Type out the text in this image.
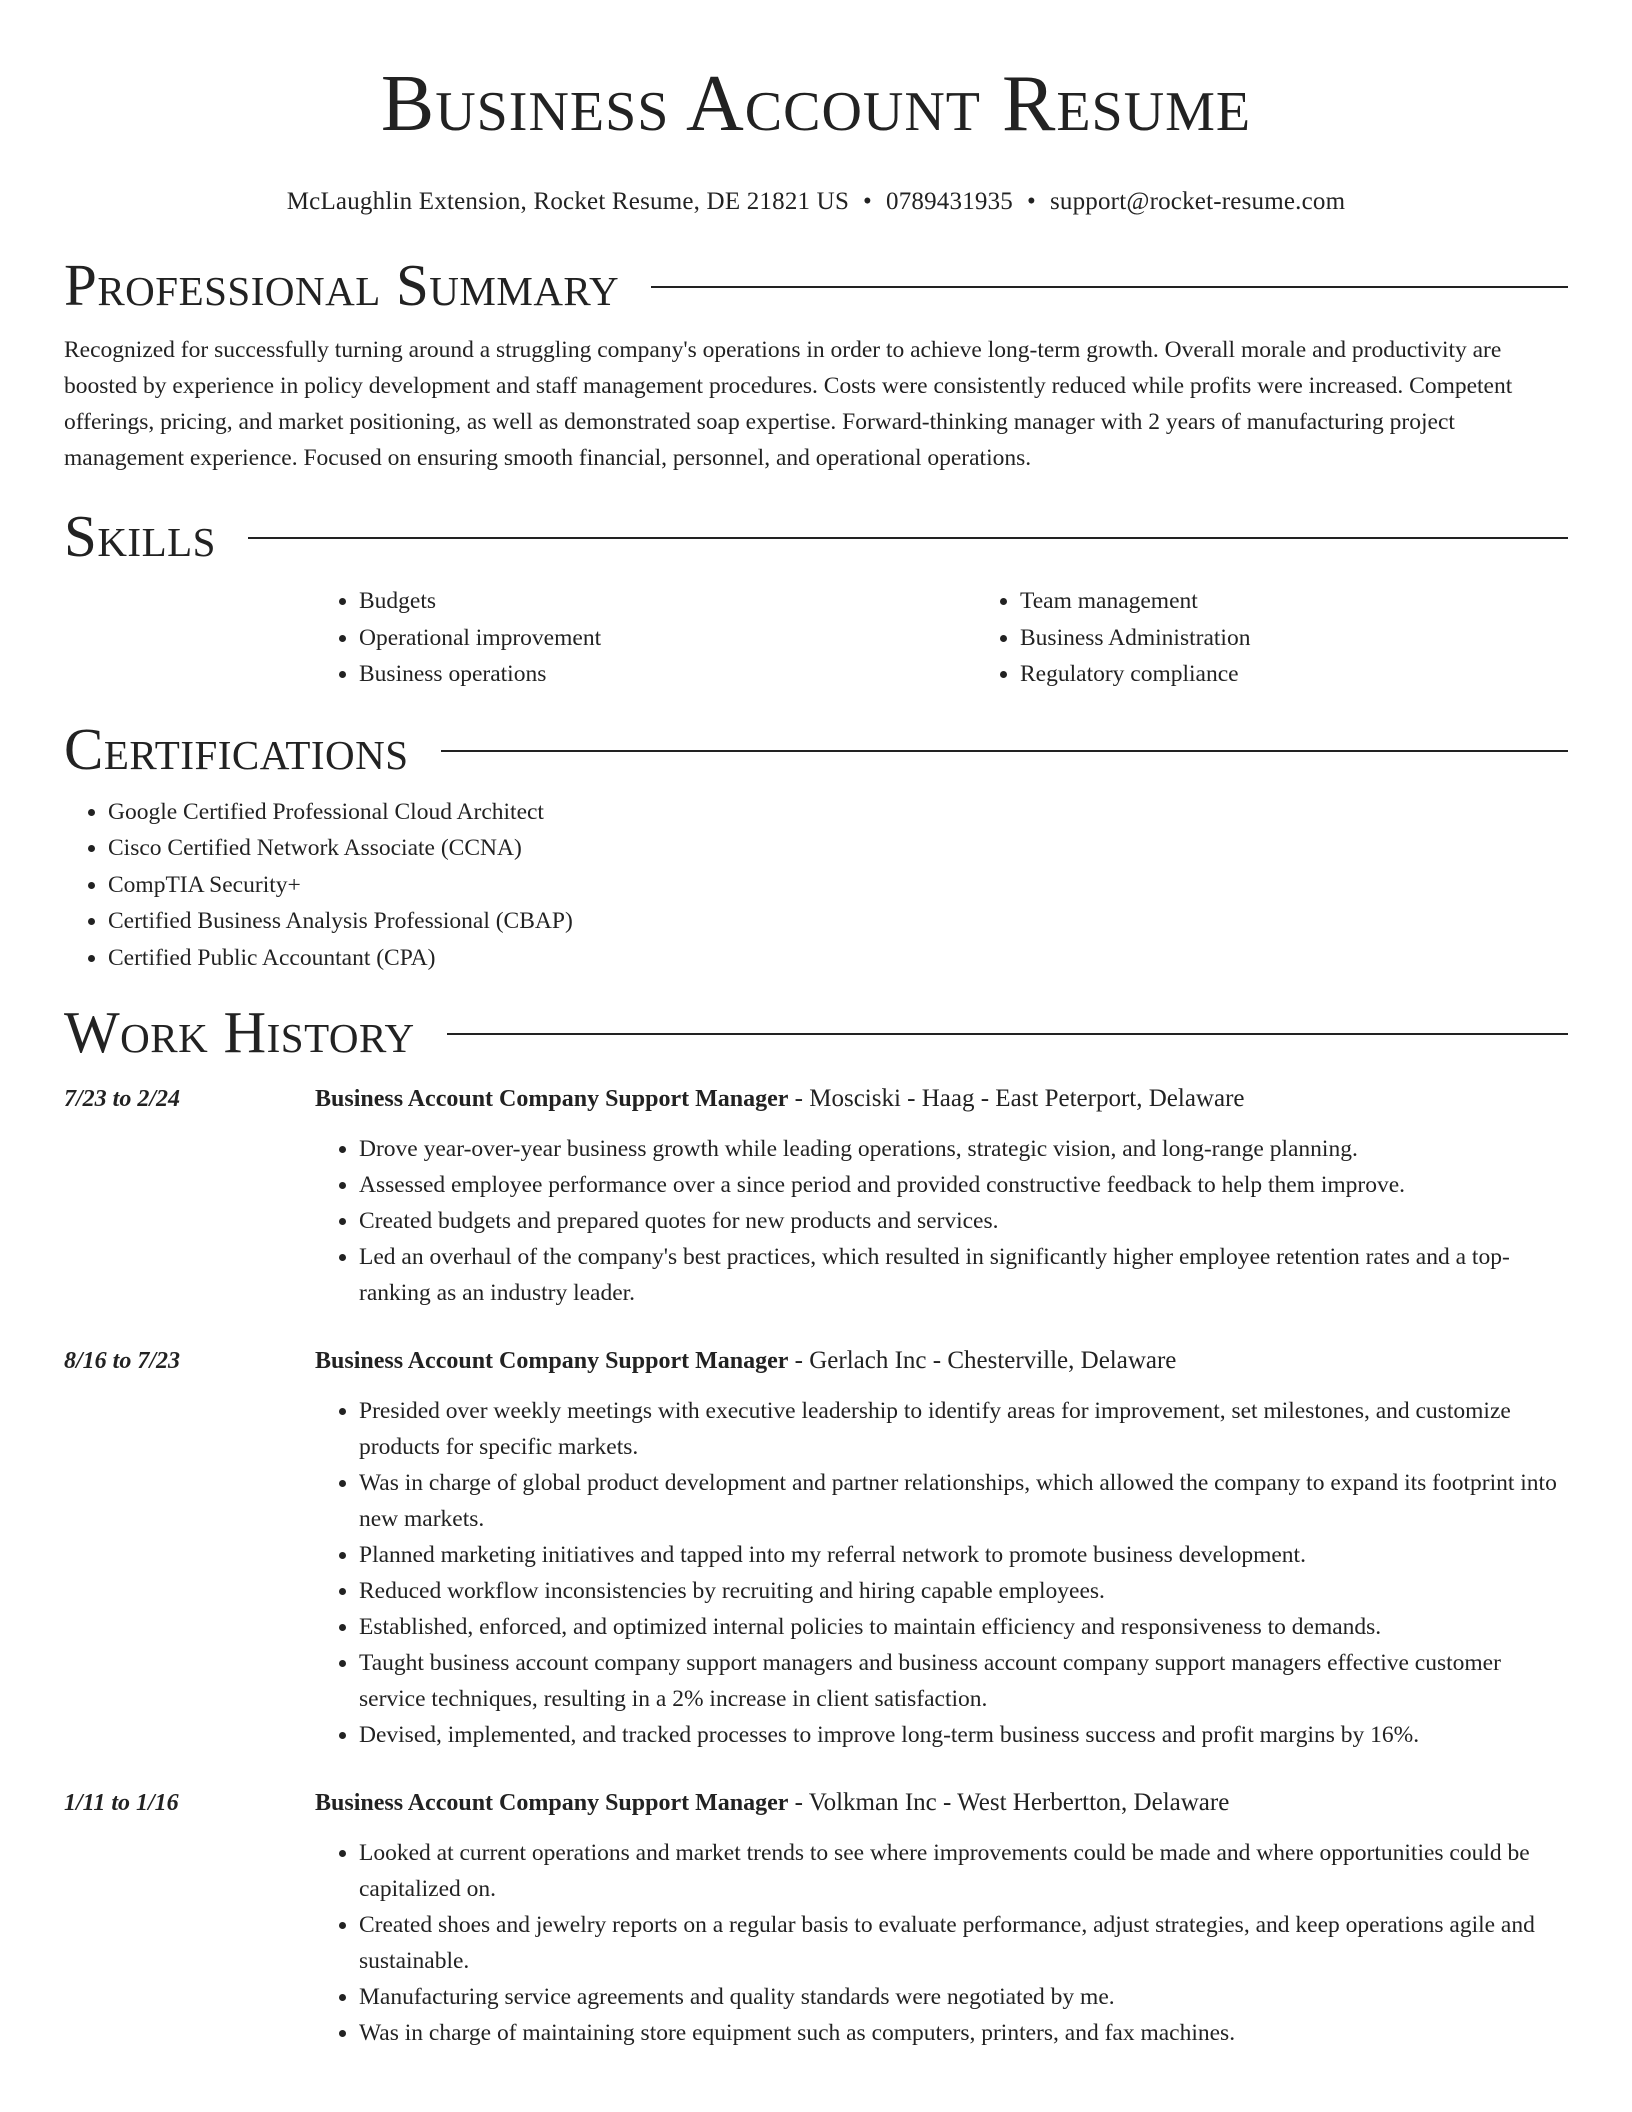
Business Account Resume
McLaughlin Extension, Rocket Resume, DE 21821 US • 0789431935 • support@rocket-resume.com
Professional Summary

Recognized for successfully turning around a struggling company's operations in order to achieve long-term growth. Overall morale and productivity are boosted by experience in policy development and staff management procedures. Costs were consistently reduced while profits were increased. Competent offerings, pricing, and market positioning, as well as demonstrated soap expertise. Forward-thinking manager with 2 years of manufacturing project management experience. Focused on ensuring smooth financial, personnel, and operational operations.

Skills
• Budgets
• Operational improvement
• Business operations
• Team management
• Business Administration
• Regulatory compliance
Certifications
• Google Certified Professional Cloud Architect
• Cisco Certified Network Associate (CCNA)
• CompTIA Security+
• Certified Business Analysis Professional (CBAP)
• Certified Public Accountant (CPA)
Work History
7/23 to 2/24	Business Account Company Support Manager - Mosciski - Haag - East Peterport, Delaware
• Drove year-over-year business growth while leading operations, strategic vision, and long-range planning.
• Assessed employee performance over a since period and provided constructive feedback to help them improve.
• Created budgets and prepared quotes for new products and services.
• Led an overhaul of the company's best practices, which resulted in significantly higher employee retention rates and a top-ranking as an industry leader.
8/16 to 7/23	Business Account Company Support Manager - Gerlach Inc - Chesterville, Delaware
• Presided over weekly meetings with executive leadership to identify areas for improvement, set milestones, and customize products for specific markets.
• Was in charge of global product development and partner relationships, which allowed the company to expand its footprint into new markets.
• Planned marketing initiatives and tapped into my referral network to promote business development.
• Reduced workflow inconsistencies by recruiting and hiring capable employees.
• Established, enforced, and optimized internal policies to maintain efficiency and responsiveness to demands.
• Taught business account company support managers and business account company support managers effective customer service techniques, resulting in a 2% increase in client satisfaction.
• Devised, implemented, and tracked processes to improve long-term business success and profit margins by 16%.
1/11 to 1/16	Business Account Company Support Manager - Volkman Inc - West Herbertton, Delaware
• Looked at current operations and market trends to see where improvements could be made and where opportunities could be capitalized on.
• Created shoes and jewelry reports on a regular basis to evaluate performance, adjust strategies, and keep operations agile and sustainable.
• Manufacturing service agreements and quality standards were negotiated by me.
• Was in charge of maintaining store equipment such as computers, printers, and fax machines.
